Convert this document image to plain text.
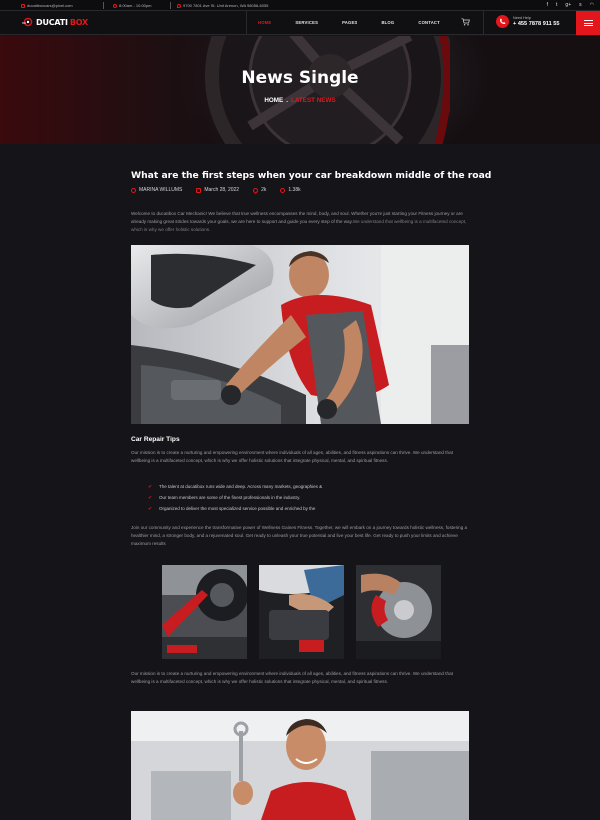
ducatiboxcars@pixel.com	8:00am - 10:00pm	9700 7801 Ave St. Unit Arenon, WA 98056-6055	f t g+ s ◠
DUCATI BOX	HOME	SERVICES	PAGES	BLOG	CONTACT
Need Help
+ 455 7878 911 55
News Single
HOME . LATEST NEWS
What are the first steps when your car breakdown middle of the road
MARINA WILLUMS	March 28, 2022	2k	1.38k

Welcome to ducatibox Car Mechanic! We believe that true wellness encompasses the mind, body, and soul. Whether you're just starting your Fitness journey or are already making great strides towards your goals, we are here to support and guide you every step of the way.We understand that wellbeing is a multifaceted concept, which is why we offer holistic solutions.

Car Repair Tips

Our mission is to create a nurturing and empowering environment where individuals of all ages, abilities, and fitness aspirations can thrive. We understand that wellbeing is a multifaceted concept, which is why we offer holistic solutions that integrate physical, mental, and spiritual fitness.

✔ The talent at ducatibox runs wide and deep. Across many markets, geographies &
✔ Our team members are some of the finest professionals in the industry.
✔ Organized to deliver the most specialized service possible and enriched by the

Join our community and experience the transformative power of Wellness Gaines Fitness. Together, we will embark on a journey towards holistic wellness, fostering a healthier mind, a stronger body, and a rejuvenated soul. Get ready to unleash your true potential and live your best life. Get ready to push your limits and achieve maximum results

Our mission is to create a nurturing and empowering environment where individuals of all ages, abilities, and fitness aspirations can thrive. We understand that wellbeing is a multifaceted concept, which is why we offer holistic solutions that integrate physical, mental, and spiritual fitness.
